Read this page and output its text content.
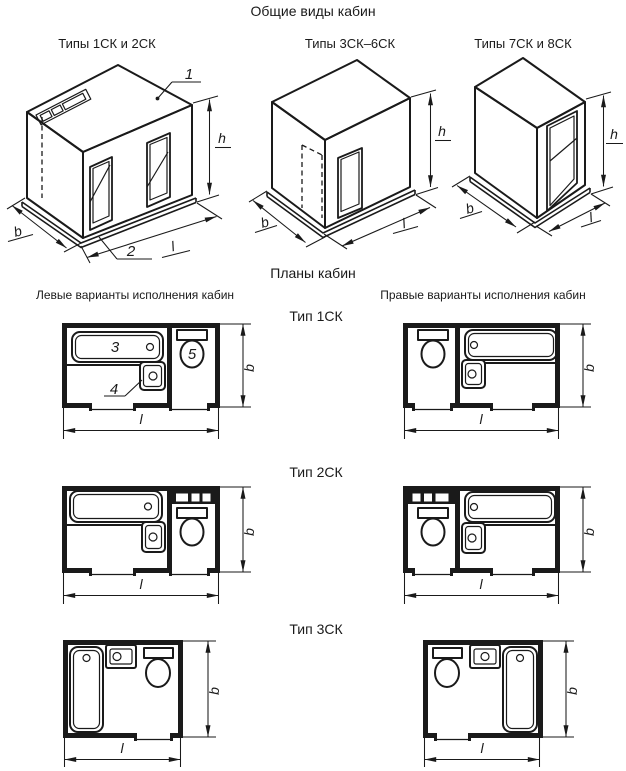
Общие виды кабин
Типы 1СК и 2СК	Типы 3СК–6СК	Типы 7СК и 8СК
h
b
l
1
2
h
b	l
h
b
l
Планы кабин
Левые варианты исполнения кабин	Правые варианты исполнения кабин
Тип 1СК
Тип 2СК
Тип 3СК
3
4
5
b
l
b
l
b
l
b
l
b
l
b
l
